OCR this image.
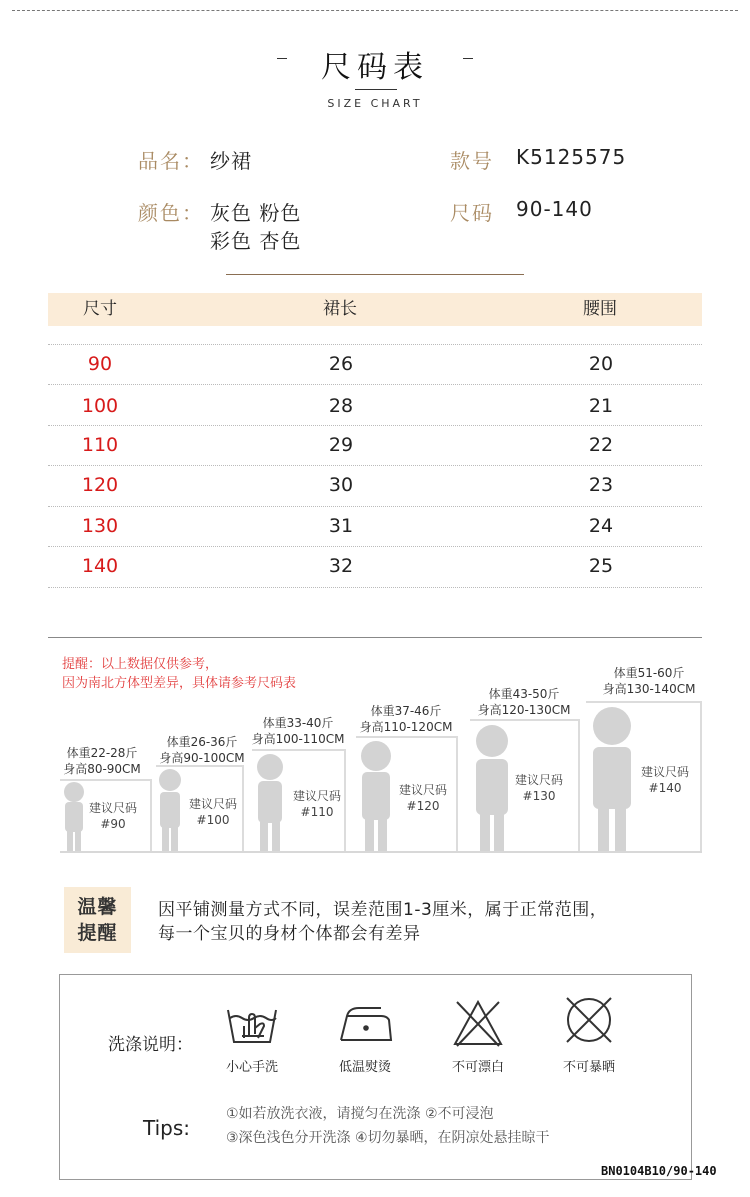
尺码表
SIZE CHART
品名： 纱裙	款号 K5125575
颜色： 灰色 粉色
彩色 杏色
尺码 90-140
尺寸	裙长	腰围
90	26	20
100	28	21
110	29	22
120	30	23
130	31	24
140	32	25
提醒：以上数据仅供参考，
因为南北方体型差异，具体请参考尺码表
体重22-28斤
身高80-90CM
建议尺码
#90
体重26-36斤
身高90-100CM
建议尺码
#100
体重33-40斤
身高100-110CM
建议尺码
#110
体重37-46斤
身高110-120CM
建议尺码
#120
体重43-50斤
身高120-130CM
建议尺码
#130
体重51-60斤
身高130-140CM
建议尺码
#140
温馨
提醒
因平铺测量方式不同，误差范围1-3厘米，属于正常范围，
每一个宝贝的身材个体都会有差异
洗涤说明：
小心手洗	低温熨烫	不可漂白	不可暴晒
Tips:
①如若放洗衣液，请搅匀在洗涤 ②不可浸泡
③深色浅色分开洗涤 ④切勿暴晒，在阴凉处悬挂晾干
BN0104B10/90-140
